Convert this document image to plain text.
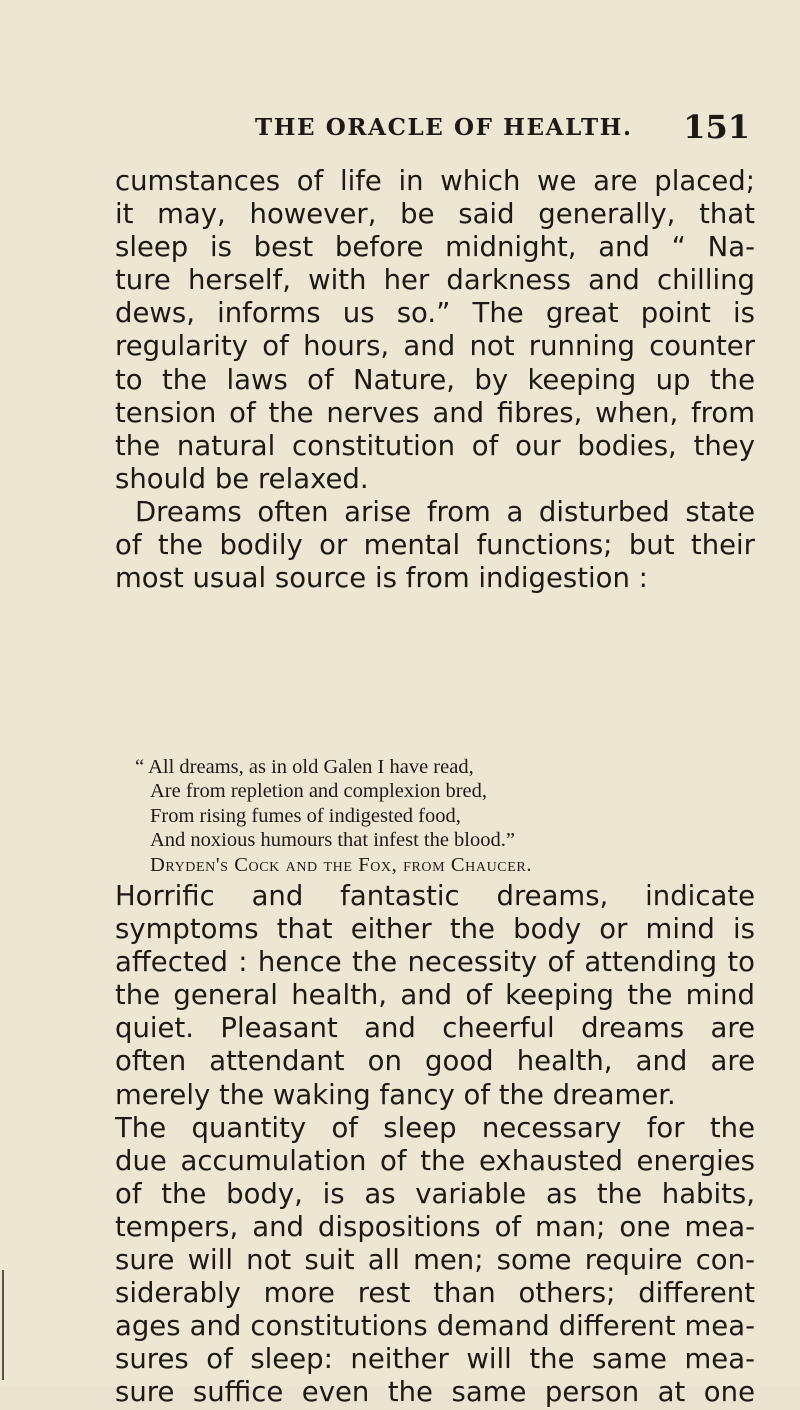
THE ORACLE OF HEALTH. 151
cumstances of life in which we are placed;
it may, however, be said generally, that
sleep is best before midnight, and “ Na-
ture herself, with her darkness and chilling
dews, informs us so.” The great point is
regularity of hours, and not running counter
to the laws of Nature, by keeping up the
tension of the nerves and fibres, when, from
the natural constitution of our bodies, they
should be relaxed.
Dreams often arise from a disturbed state
of the bodily or mental functions; but their
most usual source is from indigestion :
“ All dreams, as in old Galen I have read,
Are from repletion and complexion bred,
From rising fumes of indigested food,
And noxious humours that infest the blood.”
Dryden's Cock and the Fox, from Chaucer.
Horrific and fantastic dreams, indicate
symptoms that either the body or mind is
affected : hence the necessity of attending to
the general health, and of keeping the mind
quiet. Pleasant and cheerful dreams are
often attendant on good health, and are
merely the waking fancy of the dreamer.
The quantity of sleep necessary for the
due accumulation of the exhausted energies
of the body, is as variable as the habits,
tempers, and dispositions of man; one mea-
sure will not suit all men; some require con-
siderably more rest than others; different
ages and constitutions demand different mea-
sures of sleep: neither will the same mea-
sure suffice even the same person at one
